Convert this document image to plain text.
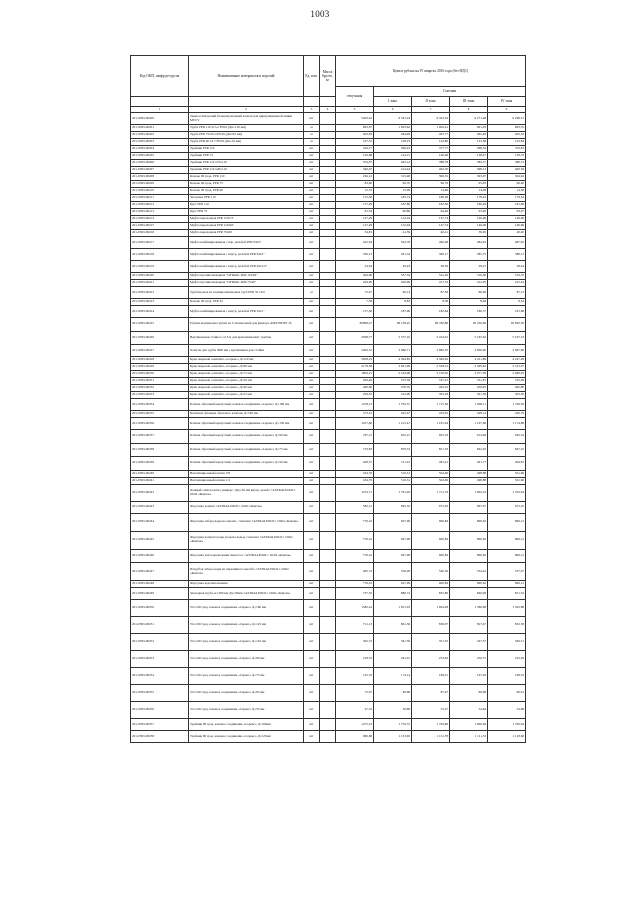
1003
Код ОКП, шифр ресурсов	Наименование материалов и изделий	Ед. изм.	Масса брутто, кг	Цена в рублях на IV квартал 2016 года (без НДС)				
				отпускная	Сметная			
					I зона	II зона	III зона	IV зона
1	2	3	4	5	6	7	8	9
201-0393-00200	Термостатический балансировочный клапан для циркуляционной линии MTCV	шт		5463,42	6 325,24	6 343,32	6 271,48	6 298,15
201-0393-00201	Труба PPR 110 x15,2 PN16 (Дн=110 мм)	м		863,67	1 003,62	1 002,41	991,03	993,35
201-0393-00202	Труба PPR 75x10,4 PN16 (Дн=63 мм)	м		403,03	464,49	467,77	462,46	463,32
201-0393-00203	Труба PPR 40 x3,7 PN16 (Дн=32 мм)	м		107,55	128,23	124,80	123,38	123,84
201-0393-00204	Тройник PPR 110	шт		324,17	369,43	377,77	368,54	370,81
201-0393-00205	Тройник PPR 75	шт		120,68	144,15	140,06	138,47	139,33
201-0393-00206	Тройник PPR 110 x75x110	шт		354,07	403,12	388,78	384,37	386,74
201-0393-00207	Тройник PPR 110 x20x110	шт		346,07	414,44	402,70	398,13	400,59
201-0393-00208	Колено 90 град. PPR 110	шт		264,12	315,48	306,55	303,07	304,94
201-0393-00209	Колено 90 град. PPR 75	шт		83,90	99,70	96,79	95,83	96,40
201-0393-00210	Колено 90 град. PPR 40	шт		12,53	15,09	14,96	14,49	14,58
201-0393-00211	Заглушка PPR 110	шт		155,30	185,74	180,48	178,43	179,54
201-0393-00212	Бурт PPR 110	шт		157,29	187,80	182,56	180,49	181,60
201-0393-00213	Бурт PPR 75	шт		81,34	96,80	94,46	93,40	93,97
201-0393-00214	Муфта переходная PPR 110x75	шт		127,29	152,04	147,74	146,06	146,96
201-0393-00215	Муфта переходная PPR 110x63	шт		127,29	152,04	147,74	146,06	146,96
201-0393-00216	Муфта переходная PPR 75x63	шт		34,81	41,59	40,41	39,95	40,20
201-0393-00217	Муфта комбинированная с нар. резьбой PPR 63х2"	шт		422,64	504,78	490,48	484,92	487,92
201-0393-00218	Муфта комбинированная с внутр. резьбой PPR 63x2"	шт		336,13	401,34	390,17	385,75	388,13
201-0393-00219	Муфта комбинированная с внутр. резьбой PPR 20x1/2"	шт		24,64	29,43	28,59	28,27	28,44
201-0393-00220	Муфта противопожарная "ОГРАКС-ПМ-110/62"	шт		494,90	537,54	522,29	516,36	519,55
201-0393-00221	Муфта противопожарная "ОГРАКС-ПМ-75/40"	шт		204,90	426,69	417,53	412,05	415,44
201-0393-00222	Трубопровод из полипропиленовых труб PPR 32 x3,0	м		75,47	90,14	87,59	86,60	87,13
201-0393-00223	Колено 90 град. PPR 32	шт		7,39	8,83	8,58	8,48	8,54
201-0393-00224	Муфта комбинированная с внутр. резьбой PPR 32x1"	шт		157,36	187,96	182,64	180,57	181,68
201-0393-00225	Ручная вентильная группа из 5-ти вентилей для фильтра AMZ780 BS 16	шт		82998,27	99 138,25	96 330,88	95 239,06	95 820,36
201-0393-00226	Вертикальная стойка L=2,5 м для крепления вент. группы	шт		4598,77	5 377,16	5 224,91	5 165,62	5 197,53
201-0393-00227	Хомуты для трубы Ф90 мм с креплением для стойки	шт		2463,52	2 966,71	2 882,70	2 850,00	2 867,60
201-0393-00228	Кран шаровой «standart» «Серекс» Д=110 мм	шт		3658,19	4 394,85	4 309,62	4 221,89	4 247,28
201-0393-00229	Кран шаровой «standart» «Серекс» Д=90 мм	шт		2178,38	2 601,99	2 528,31	2 499,62	2 515,07
201-0393-00230	Кран шаровой «standart» «Серекс» Д=75 мм	шт		1804,15	2 162,06	2 100,92	2 077,09	2 089,93
201-0393-00231	Кран шаровой «standart» «Серекс» Д=50 мм	шт		463,46	553,59	537,91	531,81	535,09
201-0393-00232	Кран шаровой «standart» «Серекс» Д=40 мм	шт		400,60	478,70	465,22	459,95	462,80
201-0393-00233	Кран шаровой «standart» «Серекс» Д=25 мм	шт		259,10	312,90	305,18	301,39	303,30
201-0393-00234	Клапан обратный корпусный, клеевое соединение «Серекс» Д=160 мм	шт		1478,13	1 765,57	1 715,56	1 696,11	1 706,59
201-0393-00235	Комплект фланцев обратного клапана Д=160 мм	шт		373,12	445,67	433,05	428,14	430,79
201-0393-00236	Клапан обратный корпусный, клеевое соединение «Серекс» Д=150 мм	шт		1017,60	1 215,47	1 181,04	1 167,66	1 174,88
201-0393-00237	Клапан обратный корпусный, клеевое соединение «Серекс» Д=90 мм	шт		797,15	952,15	925,18	914,69	920,34
201-0393-00238	Клапан обратный корпусный, клеевое соединение «Серекс» Д=75 мм	шт		733,83	876,53	851,70	842,05	847,25
201-0393-00239	Клапан обратный корпусный, клеевое соединение «Серекс» Д=50 мм	шт		428,57	511,91	497,41	491,77	494,81
201-0393-00240	Вентиляционный клапан 3/8	шт		434,76	519,31	504,60	498,88	501,96
201-0393-00241	Вентиляционный клапан 1/2	шт		434,76	519,31	504,60	498,88	501,96
201-0393-00242	Донный слив полотна универс. Дтр=50 мм внутр. резьба <ASTRALPOOL> ООО «Коитек»	шт		1474,71	1 761,49	1 711,53	1 692,19	1 702,64
201-0393-00243	Форсунка донная <ASTRALPOOL> ООО «Коитек»	шт		582,12	695,32	675,63	667,97	672,10
201-0393-00244	Форсунка забора воды на аналит., стеновая <ASTRALPOOL> ООО «Коитек»	шт		776,16	927,09	900,84	890,62	896,12
201-0393-00245	Форсунка возврата воды (подача воды), стеновая <ASTRALPOOL> ООО «Коитек»	шт		776,16	927,09	900,84	890,62	896,12
201-0393-00246	Форсунка для подключения пылесоса <ASTRALPOOL> ООО «Коитек»	шт		776,16	927,09	900,84	890,62	896,12
201-0393-00247	Патрубок забора воды из переливного желоба <ASTRALPOOL> ООО «Коитек»	шт		465,74	556,28	540,56	534,42	537,67
201-0393-00248	Форсунка водонаполнения	шт		776,16	927,09	900,84	890,62	896,12
201-0393-00249	Закладная труба, из 300 мм Ду=50мм <ASTRALPOOL> ООО «Коитек»	шт		737,35	880,74	855,80	846,09	851,32
201-0393-00250	Угол 90 град. клеевое соединение «Серекс» Д=160 мм	шт		1382,24	1 651,03	1 604,28	1 586,08	1 595,88
201-0393-00251	Угол 90 град. клеевое соединение «Серекс» Д=125 мм	шт		721,13	861,36	836,97	827,47	832,58
201-0393-00252	Угол 90 град. клеевое соединение «Серекс» Д=110 мм	шт		302,72	361,59	351,35	347,37	349,51
201-0393-00253	Угол 90 град. клеевое соединение «Серекс» Д=90 мм	шт		218,52	261,01	253,62	250,75	252,29
201-0393-00254	Угол 90 град. клеевое соединение «Серекс» Д=75 мм	шт		145,79	174,14	169,21	167,29	168,33
201-0393-00255	Угол 90 град. клеевое соединение «Серекс» Д=63 мм	шт		75,07	89,68	87,07	86,08	86,61
201-0393-00256	Угол 90 град. клеевое соединение «Серекс» Д=50 мм	шт		47,32	56,88	55,27	54,64	54,98
201-0393-00257	Тройник 90 град. клеевое соединение «Серекс» Д=160мм	шт		1475,23	1 759,72	1 709,89	1 690,49	1 700,94
201-0393-00258	Тройник 90 град. клеевое соединение «Серекс» Д=125мм	шт		966,68	1 153,65	1 121,78	1 111,53	1 118,60
